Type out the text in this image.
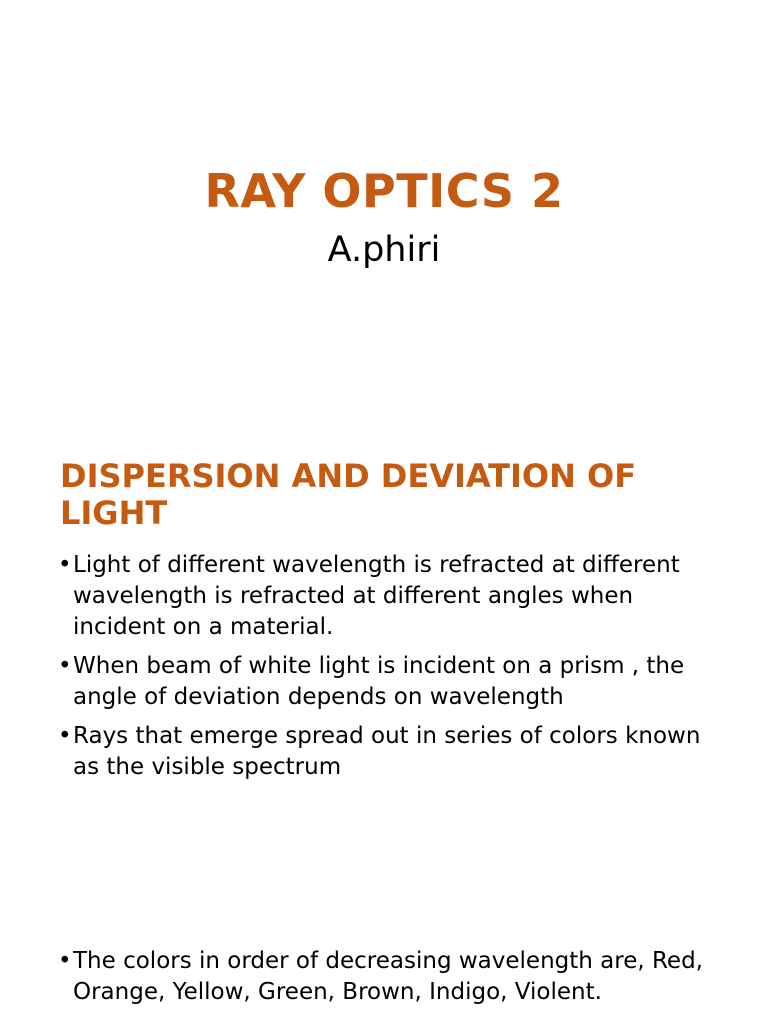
RAY OPTICS 2

A.phiri

DISPERSION AND DEVIATION OF LIGHT
• Light of different wavelength is refracted at different wavelength is refracted at different angles when incident on a material.
• When beam of white light is incident on a prism , the angle of deviation depends on wavelength
• Rays that emerge spread out in series of colors known as the visible spectrum
• The colors in order of decreasing wavelength are, Red, Orange, Yellow, Green, Brown, Indigo, Violent.
